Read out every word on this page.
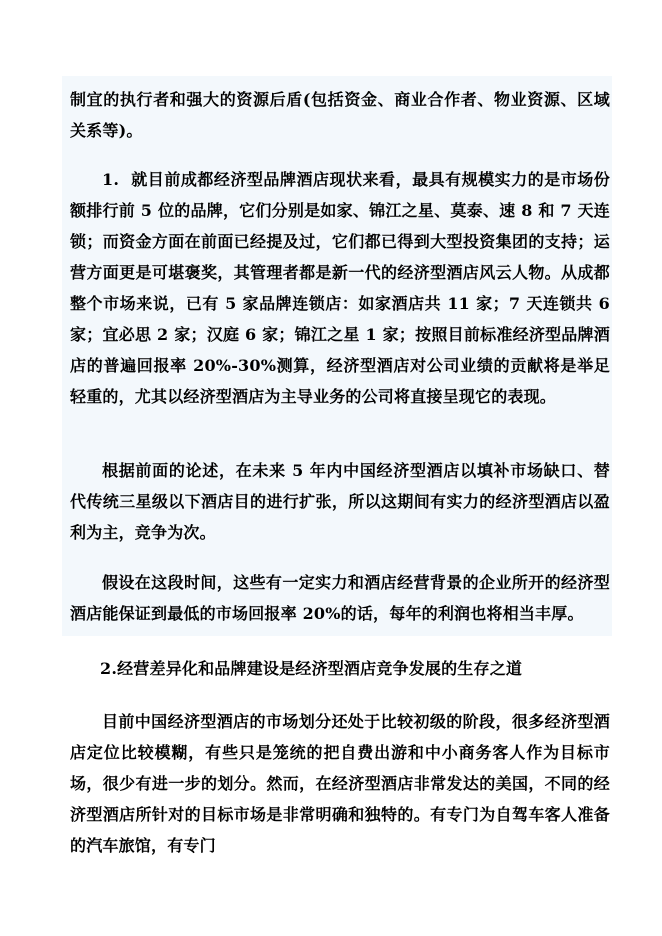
制宜的执行者和强大的资源后盾(包括资金、商业合作者、物业资源、区域关系等)。

1.  就目前成都经济型品牌酒店现状来看，最具有规模实力的是市场份额排行前 5 位的品牌，它们分别是如家、锦江之星、莫泰、速 8 和 7 天连锁；而资金方面在前面已经提及过，它们都已得到大型投资集团的支持；运营方面更是可堪褒奖，其管理者都是新一代的经济型酒店风云人物。从成都整个市场来说，已有 5 家品牌连锁店：如家酒店共 11 家；7 天连锁共 6 家；宜必思 2 家；汉庭 6 家；锦江之星 1 家；按照目前标准经济型品牌酒店的普遍回报率 20%-30%测算，经济型酒店对公司业绩的贡献将是举足轻重的，尤其以经济型酒店为主导业务的公司将直接呈现它的表现。

根据前面的论述，在未来 5 年内中国经济型酒店以填补市场缺口、替代传统三星级以下酒店目的进行扩张，所以这期间有实力的经济型酒店以盈利为主，竞争为次。

假设在这段时间，这些有一定实力和酒店经营背景的企业所开的经济型酒店能保证到最低的市场回报率 20%的话，每年的利润也将相当丰厚。

2.经营差异化和品牌建设是经济型酒店竞争发展的生存之道

目前中国经济型酒店的市场划分还处于比较初级的阶段，很多经济型酒店定位比较模糊，有些只是笼统的把自费出游和中小商务客人作为目标市场，很少有进一步的划分。然而，在经济型酒店非常发达的美国，不同的经济型酒店所针对的目标市场是非常明确和独特的。有专门为自驾车客人准备的汽车旅馆，有专门
